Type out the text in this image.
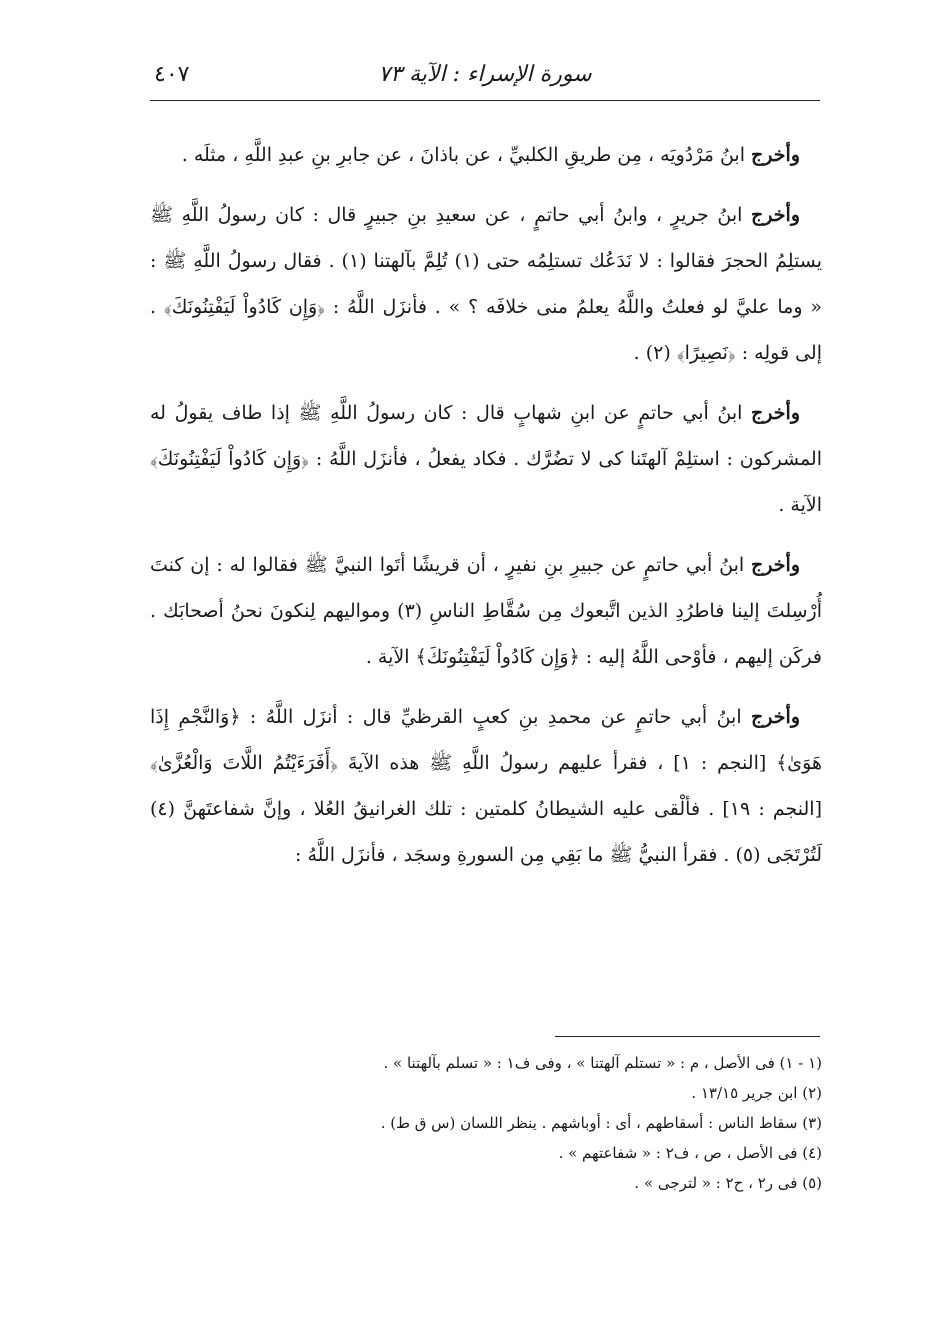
سورة الإسراء : الآية ٧٣
٤٠٧

وأخرج ابنُ مَرْدُويَه ، مِن طريقِ الكلبيِّ ، عن باذانَ ، عن جابرِ بنِ عبدِ اللَّهِ ، مثلَه .

وأخرج ابنُ جريرٍ ، وابنُ أبي حاتمٍ ، عن سعيدِ بنِ جبيرٍ قال : كان رسولُ اللَّهِ ﷺ يستلِمُ الحجرَ فقالوا : لا نَدَعُك تستلِمُه حتى (١) تُلِمَّ بآلهتنا (١) . فقال رسولُ اللَّهِ ﷺ : « وما عليَّ لو فعلتُ واللَّهُ يعلمُ منى خلافَه ؟ » . فأنزَل اللَّهُ : ﴿وَإِن كَادُواْ لَيَفْتِنُونَكَ﴾ . إلى قولِه : ﴿نَصِيرًا﴾ (٢) .

وأخرج ابنُ أبي حاتمٍ عن ابنِ شهابٍ قال : كان رسولُ اللَّهِ ﷺ إذا طاف يقولُ له المشركون : استلِمْ آلهتَنا كى لا تضُرَّك . فكاد يفعلُ ، فأنزَل اللَّهُ : ﴿وَإِن كَادُواْ لَيَفْتِنُونَكَ﴾ الآية .

وأخرج ابنُ أبي حاتمٍ عن جبيرِ بنِ نفيرٍ ، أن قريشًا أتَوا النبيَّ ﷺ فقالوا له : إن كنتَ أُرْسِلتَ إلينا فاطرُدِ الذين اتَّبعوك مِن سُقَّاطِ الناسِ (٣) ومواليهم لِنكونَ نحنُ أصحابَك . فركَن إليهم ، فأوْحى اللَّهُ إليه : ﴿وَإِن كَادُواْ لَيَفْتِنُونَكَ﴾ الآية .

وأخرج ابنُ أبي حاتمٍ عن محمدِ بنِ كعبٍ القرظيِّ قال : أنزَل اللَّهُ : ﴿وَالنَّجْمِ إِذَا هَوَىٰ﴾ [النجم : ١] ، فقرأ عليهم رسولُ اللَّهِ ﷺ هذه الآيةَ ﴿أَفَرَءَيْتُمُ اللَّاتَ وَالْعُزَّىٰ﴾ [النجم : ١٩] . فألْقى عليه الشيطانُ كلمتين : تلك الغرانيقُ العُلا ، وإنَّ شفاعتَهنَّ (٤) لَتُرْتَجَى (٥) . فقرأ النبيُّ ﷺ ما بَقِي مِن السورةِ وسجَد ، فأنزَل اللَّهُ :

(١ - ١) فى الأصل ، م : « تستلم آلهتنا » ، وفى ف١ : « تسلم بآلهتنا » .

(٢) ابن جرير ١٣/١٥ .

(٣) سقاط الناس : أسقاطهم ، أى : أوباشهم . ينظر اللسان (س ق ط) .

(٤) فى الأصل ، ص ، ف٢ : « شفاعتهم » .

(٥) فى ر٢ ، ح٢ : « لترجى » .
